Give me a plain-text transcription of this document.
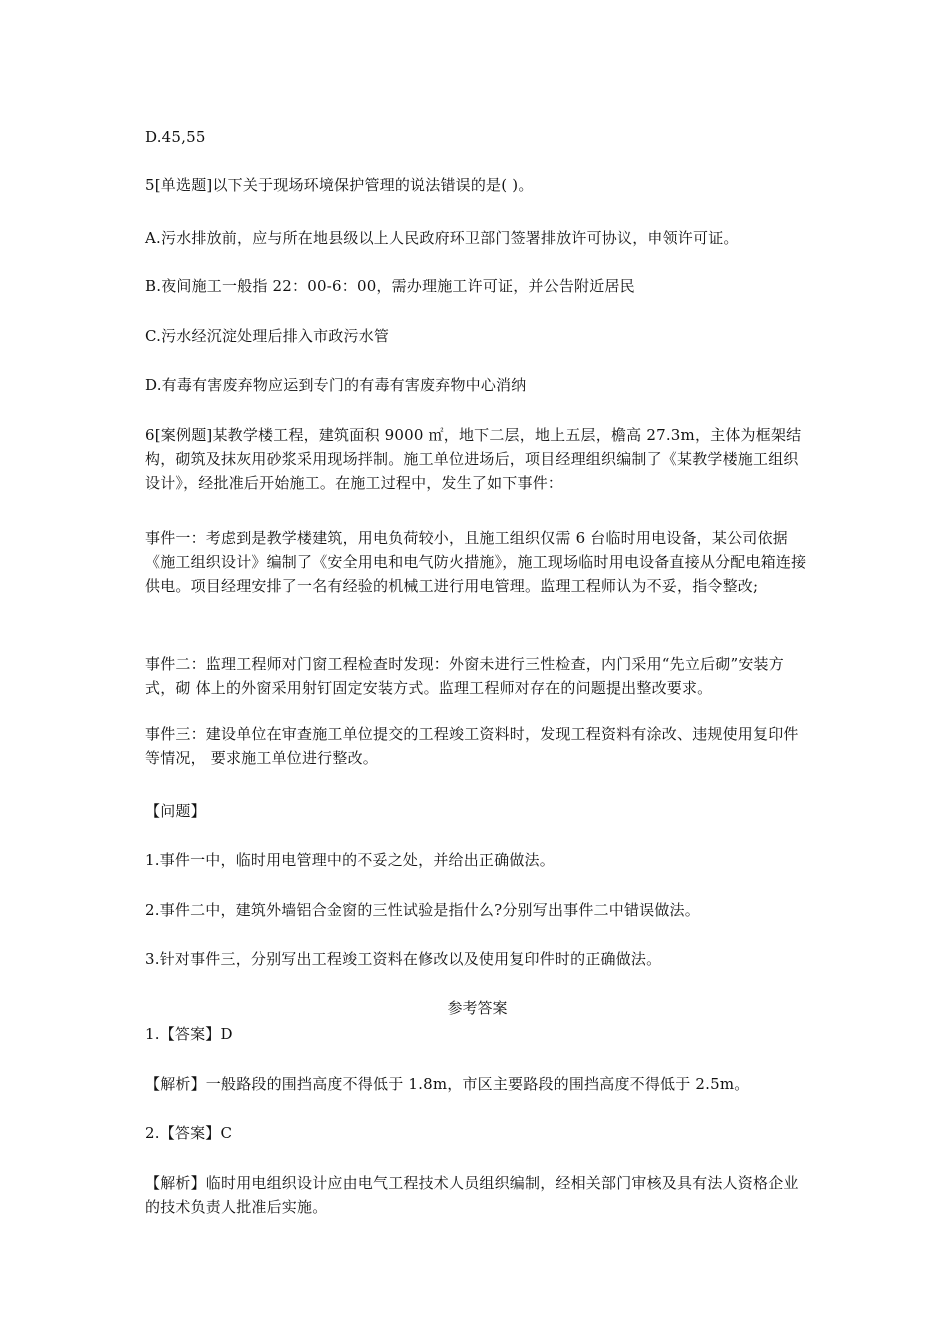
D.45,55

5[单选题]以下关于现场环境保护管理的说法错误的是( )。

A.污水排放前，应与所在地县级以上人民政府环卫部门签署排放许可协议，申领许可证。

B.夜间施工一般指 22：00-6：00，需办理施工许可证，并公告附近居民

C.污水经沉淀处理后排入市政污水管

D.有毒有害废弃物应运到专门的有毒有害废弃物中心消纳

6[案例题]某教学楼工程，建筑面积 9000 ㎡，地下二层，地上五层，檐高 27.3m，主体为框架结构，砌筑及抹灰用砂浆采用现场拌制。施工单位进场后，项目经理组织编制了《某教学楼施工组织设计》，经批准后开始施工。在施工过程中，发生了如下事件：

事件一：考虑到是教学楼建筑，用电负荷较小，且施工组织仅需 6 台临时用电设备，某公司依据《施工组织设计》编制了《安全用电和电气防火措施》，施工现场临时用电设备直接从分配电箱连接供电。项目经理安排了一名有经验的机械工进行用电管理。监理工程师认为不妥，指令整改;

事件二：监理工程师对门窗工程检查时发现：外窗未进行三性检查，内门采用“先立后砌”安装方式，砌 体上的外窗采用射钉固定安装方式。监理工程师对存在的问题提出整改要求。

事件三：建设单位在审查施工单位提交的工程竣工资料时，发现工程资料有涂改、违规使用复印件等情况， 要求施工单位进行整改。

【问题】

1.事件一中，临时用电管理中的不妥之处，并给出正确做法。

2.事件二中，建筑外墙铝合金窗的三性试验是指什么?分别写出事件二中错误做法。

3.针对事件三，分别写出工程竣工资料在修改以及使用复印件时的正确做法。

参考答案

1.【答案】D

【解析】一般路段的围挡高度不得低于 1.8m，市区主要路段的围挡高度不得低于 2.5m。

2.【答案】C

【解析】临时用电组织设计应由电气工程技术人员组织编制，经相关部门审核及具有法人资格企业的技术负责人批准后实施。
